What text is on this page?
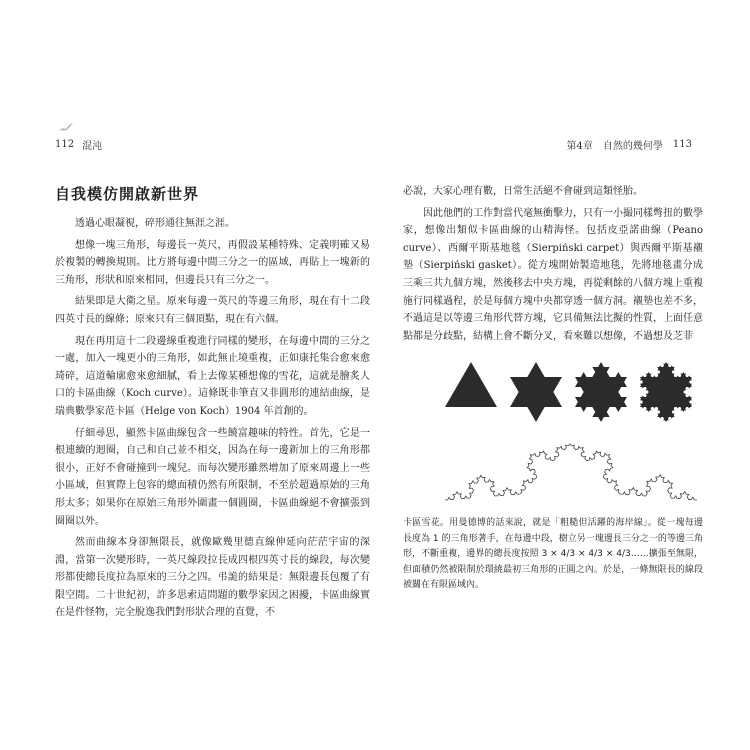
112 混沌	第4章　自然的幾何學 113
自我模仿開啟新世界

透過心眼凝視，碎形通往無涯之涯。

想像一塊三角形，每邊長一英尺，再假設某種特殊、定義明確又易於複製的轉換規則。比方將每邊中間三分之一的區域，再貼上一塊新的三角形，形狀和原來相同，但邊長只有三分之一。

結果即是大衛之星。原來每邊一英尺的等邊三角形，現在有十二段四英寸長的線條；原來只有三個頂點，現在有六個。

現在再用這十二段邊線重複進行同樣的變形，在每邊中間的三分之一處，加入一塊更小的三角形，如此無止境重複，正如康托集合愈來愈琦碎，這道輪廓愈來愈細膩，看上去像某種想像的雪花，這就是膾炙人口的卡區曲線（Koch curve）。這條既非筆直又非圓形的連結曲線，是瑞典數學家范卡區（Helge von Koch）1904 年首創的。

仔細尋思，顯然卡區曲線包含一些饒富趣味的特性。首先，它是一根連續的迴圈，自己和自己並不相交，因為在每一邊新加上的三角形都很小，正好不會碰撞到一塊兒。而每次變形雖然增加了原來周邊上一些小區域，但實際上包容的總面積仍然有所限制，不至於超過原始的三角形太多；如果你在原始三角形外圍畫一個圓圈，卡區曲線絕不會擴張到圈圈以外。

然而曲線本身卻無限長，就像歐幾里德直線伸延向茫茫宇宙的深淵，當第一次變形時，一英尺線段拉長成四根四英寸長的線段，每次變形都使總長度拉為原來的三分之四。弔詭的結果是：無限邊長包覆了有限空間。二十世紀初，許多思索這問題的數學家因之困擾，卡區曲線實在是件怪物，完全脫逸我們對形狀合理的直覺，不

必說，大家心理有數，日常生活絕不會碰到這類怪胎。

因此他們的工作對當代毫無衝擊力，只有一小撮同樣彆扭的數學家，想像出類似卡區曲線的山精海怪。包括皮亞諾曲線（Peano curve）、西爾平斯基地毯（Sierpiński carpet）與西爾平斯基襯墊（Sierpiński gasket）。從方塊開始製造地毯，先將地毯畫分成三乘三共九個方塊，然後移去中央方塊，再從剩餘的八個方塊上重複施行同樣過程，於是每個方塊中央都穿透一個方洞。襯墊也差不多，不過這是以等邊三角形代替方塊，它具備無法比擬的性質，上面任意點都是分歧點，結構上會不斷分叉，看來難以想像，不過想及芝菲

卡區雪花。用曼德博的話來說，就是「粗糙但活躍的海岸線」。從一塊每邊長度為 1 的三角形著手，在每邊中段，樹立另一塊邊長三分之一的等邊三角形，不斷重複，邊界的總長度按照 3 × 4/3 × 4/3 × 4/3……擴張至無限，但面積仍然被限制於環繞最初三角形的正圓之內。於是，一條無限長的線段被關在有限區域內。
